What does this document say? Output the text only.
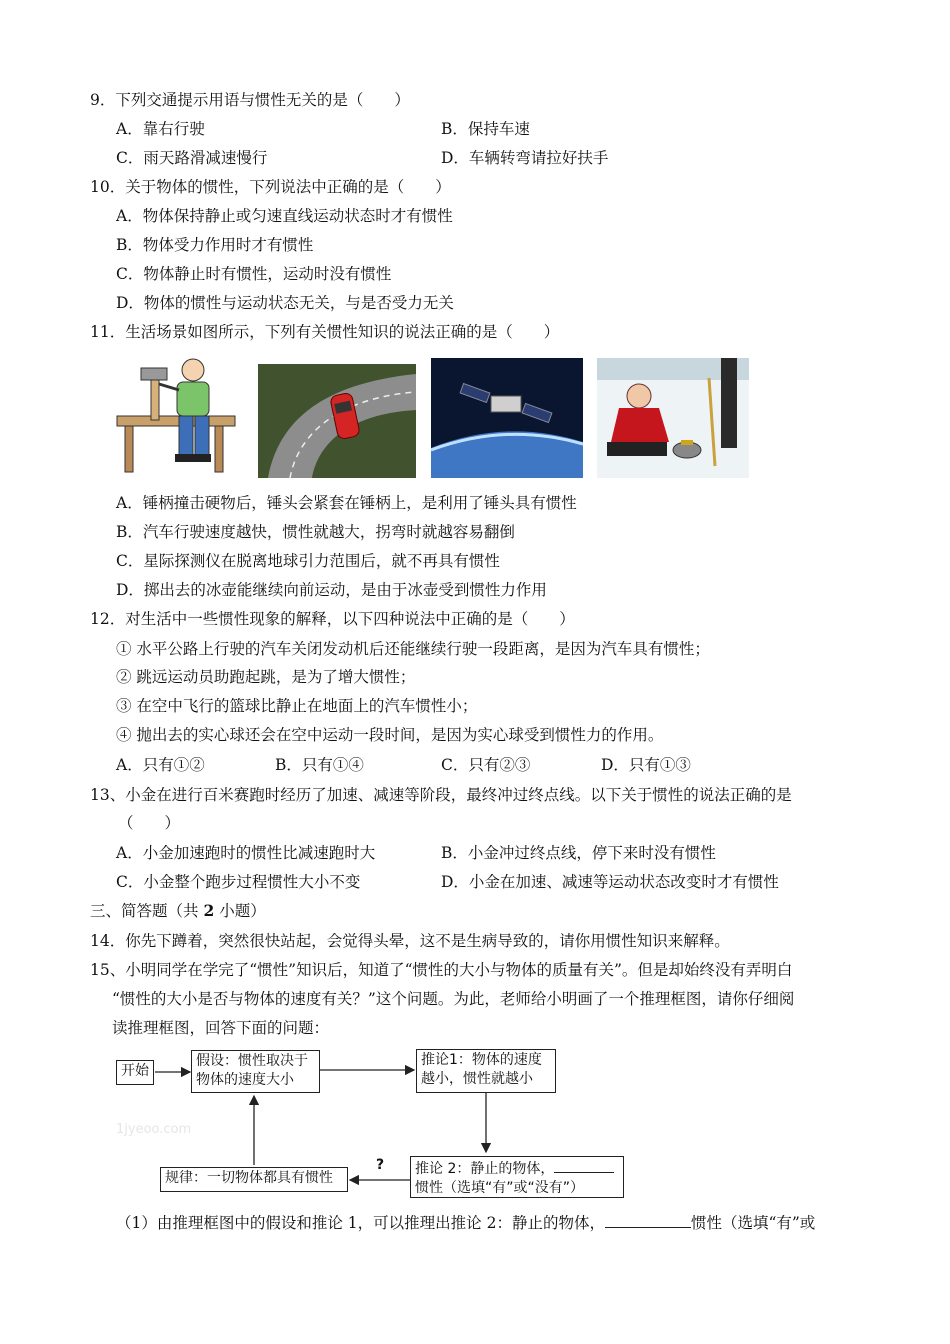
9．下列交通提示用语与惯性无关的是（　　）
A．靠右行驶	B．保持车速
C．雨天路滑减速慢行	D．车辆转弯请拉好扶手
10．关于物体的惯性，下列说法中正确的是（　　）
A．物体保持静止或匀速直线运动状态时才有惯性
B．物体受力作用时才有惯性
C．物体静止时有惯性，运动时没有惯性
D．物体的惯性与运动状态无关，与是否受力无关
11．生活场景如图所示，下列有关惯性知识的说法正确的是（　　）
A．锤柄撞击硬物后，锤头会紧套在锤柄上，是利用了锤头具有惯性
B．汽车行驶速度越快，惯性就越大，拐弯时就越容易翻倒
C．星际探测仪在脱离地球引力范围后，就不再具有惯性
D．掷出去的冰壶能继续向前运动，是由于冰壶受到惯性力作用
12．对生活中一些惯性现象的解释，以下四种说法中正确的是（　　）
① 水平公路上行驶的汽车关闭发动机后还能继续行驶一段距离，是因为汽车具有惯性；
② 跳远运动员助跑起跳，是为了增大惯性；
③ 在空中飞行的篮球比静止在地面上的汽车惯性小；
④ 抛出去的实心球还会在空中运动一段时间，是因为实心球受到惯性力的作用。
A．只有①②	B．只有①④	C．只有②③	D．只有①③
13、小金在进行百米赛跑时经历了加速、减速等阶段，最终冲过终点线。以下关于惯性的说法正确的是
（　　）
A．小金加速跑时的惯性比减速跑时大	B．小金冲过终点线，停下来时没有惯性
C．小金整个跑步过程惯性大小不变	D．小金在加速、减速等运动状态改变时才有惯性
三、简答题（共 2 小题）
14．你先下蹲着，突然很快站起，会觉得头晕，这不是生病导致的，请你用惯性知识来解释。
15、小明同学在学完了“惯性”知识后，知道了“惯性的大小与物体的质量有关”。但是却始终没有弄明白
“惯性的大小是否与物体的速度有关？”这个问题。为此，老师给小明画了一个推理框图，请你仔细阅
读推理框图，回答下面的问题：
开始
假设：惯性取决于
物体的速度大小
推论1：物体的速度
越小，惯性就越小
1jyeoo.com
推论 2：静止的物体，
惯性（选填“有”或“没有”）
?
规律：一切物体都具有惯性
（1）由推理框图中的假设和推论 1，可以推理出推论 2：静止的物体，	惯性（选填“有”或
